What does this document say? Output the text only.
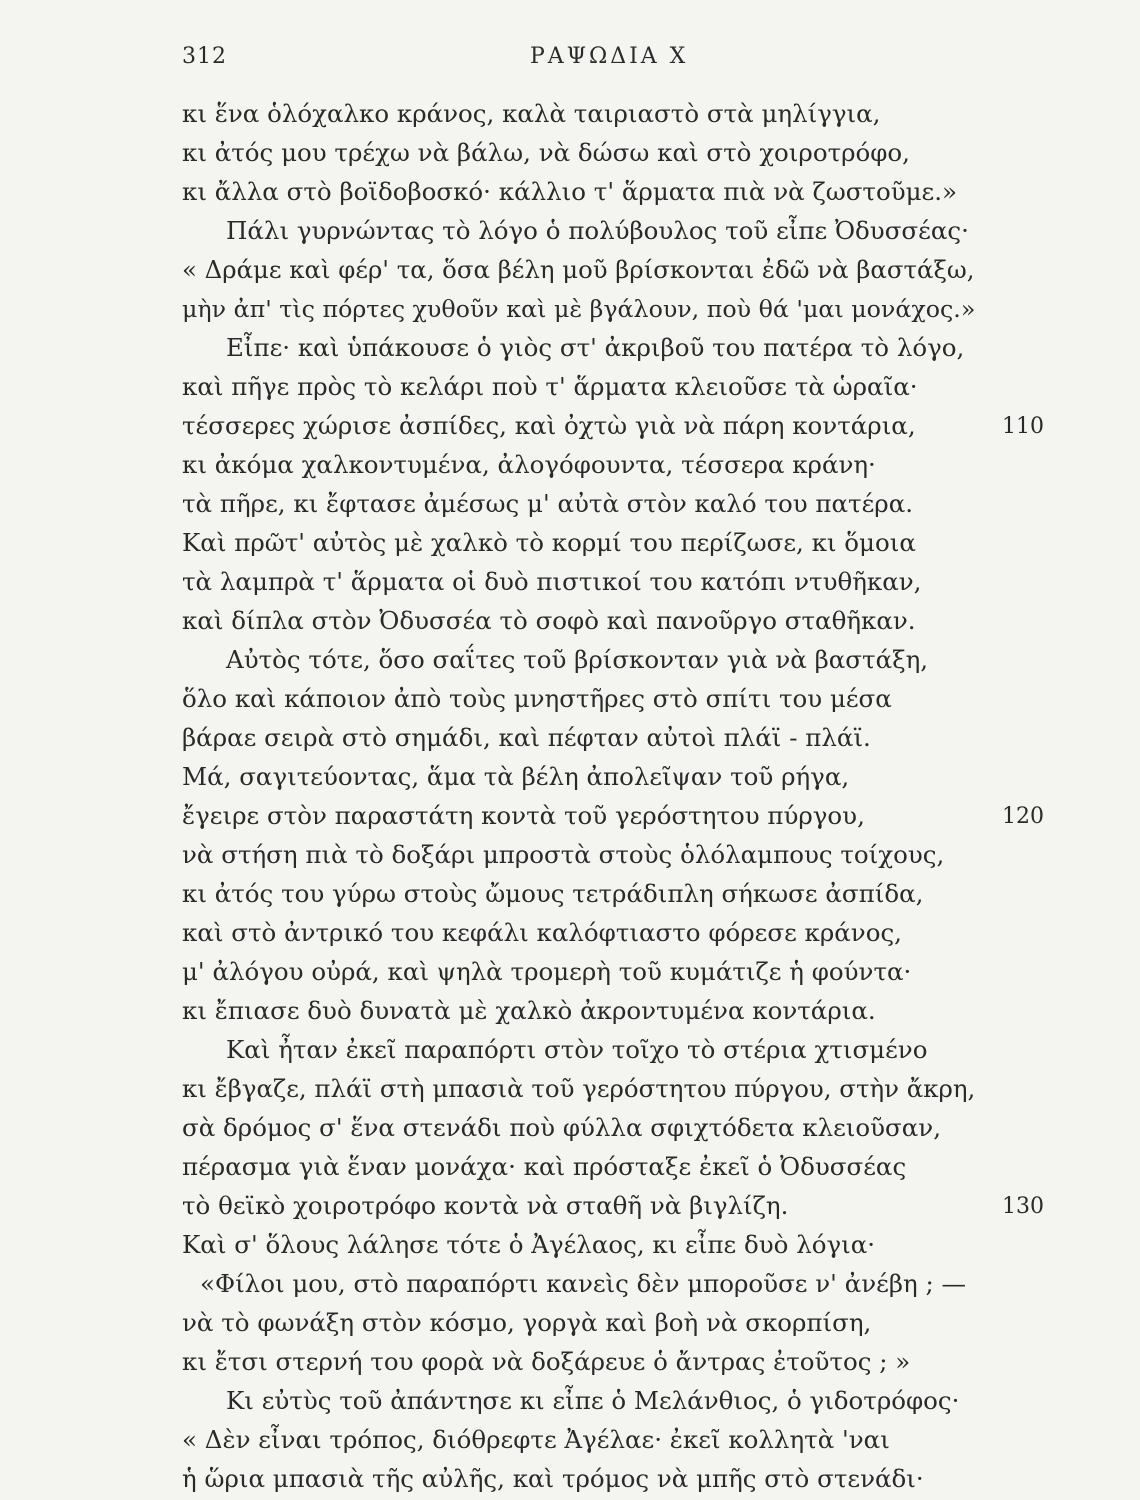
312	ΡΑΨΩΔΙΑ Χ
κι ἕνα ὁλόχαλκο κράνος, καλὰ ταιριαστὸ στὰ μηλίγγια,
κι ἀτός μου τρέχω νὰ βάλω, νὰ δώσω καὶ στὸ χοιροτρόφο,
κι ἄλλα στὸ βοϊδοβοσκό· κάλλιο τ' ἅρματα πιὰ νὰ ζωστοῦμε.»
Πάλι γυρνώντας τὸ λόγο ὁ πολύβουλος τοῦ εἶπε Ὀδυσσέας·
« Δράμε καὶ φέρ' τα, ὅσα βέλη μοῦ βρίσκονται ἐδῶ νὰ βαστάξω,
μὴν ἀπ' τὶς πόρτες χυθοῦν καὶ μὲ βγάλουν, ποὺ θά 'μαι μονάχος.»
Εἶπε· καὶ ὑπάκουσε ὁ γιὸς στ' ἀκριβοῦ του πατέρα τὸ λόγο,
καὶ πῆγε πρὸς τὸ κελάρι ποὺ τ' ἅρματα κλειοῦσε τὰ ὡραῖα·
τέσσερες χώρισε ἀσπίδες, καὶ ὀχτὼ γιὰ νὰ πάρη κοντάρια,
κι ἀκόμα χαλκοντυμένα, ἀλογόφουντα, τέσσερα κράνη·
τὰ πῆρε, κι ἔφτασε ἀμέσως μ' αὐτὰ στὸν καλό του πατέρα.
Καὶ πρῶτ' αὐτὸς μὲ χαλκὸ τὸ κορμί του περίζωσε, κι ὅμοια
τὰ λαμπρὰ τ' ἅρματα οἱ δυὸ πιστικοί του κατόπι ντυθῆκαν,
καὶ δίπλα στὸν Ὀδυσσέα τὸ σοφὸ καὶ πανοῦργο σταθῆκαν.
Αὐτὸς τότε, ὅσο σαΐτες τοῦ βρίσκονταν γιὰ νὰ βαστάξη,
ὅλο καὶ κάποιον ἀπὸ τοὺς μνηστῆρες στὸ σπίτι του μέσα
βάραε σειρὰ στὸ σημάδι, καὶ πέφταν αὐτοὶ πλάϊ - πλάϊ.
Μά, σαγιτεύοντας, ἅμα τὰ βέλη ἀπολεῖψαν τοῦ ρήγα,
ἔγειρε στὸν παραστάτη κοντὰ τοῦ γερόστητου πύργου,
νὰ στήση πιὰ τὸ δοξάρι μπροστὰ στοὺς ὁλόλαμπους τοίχους,
κι ἀτός του γύρω στοὺς ὤμους τετράδιπλη σήκωσε ἀσπίδα,
καὶ στὸ ἀντρικό του κεφάλι καλόφτιαστο φόρεσε κράνος,
μ' ἀλόγου οὐρά, καὶ ψηλὰ τρομερὴ τοῦ κυμάτιζε ἡ φούντα·
κι ἔπιασε δυὸ δυνατὰ μὲ χαλκὸ ἀκροντυμένα κοντάρια.
Καὶ ἦταν ἐκεῖ παραπόρτι στὸν τοῖχο τὸ στέρια χτισμένο
κι ἔβγαζε, πλάϊ στὴ μπασιὰ τοῦ γερόστητου πύργου, στὴν ἄκρη,
σὰ δρόμος σ' ἕνα στενάδι ποὺ φύλλα σφιχτόδετα κλειοῦσαν,
πέρασμα γιὰ ἕναν μονάχα· καὶ πρόσταξε ἐκεῖ ὁ Ὀδυσσέας
τὸ θεϊκὸ χοιροτρόφο κοντὰ νὰ σταθῆ νὰ βιγλίζη.
Καὶ σ' ὅλους λάλησε τότε ὁ Ἀγέλαος, κι εἶπε δυὸ λόγια·
«Φίλοι μου, στὸ παραπόρτι κανεὶς δὲν μποροῦσε ν' ἀνέβη ; —
νὰ τὸ φωνάξη στὸν κόσμο, γοργὰ καὶ βοὴ νὰ σκορπίση,
κι ἔτσι στερνή του φορὰ νὰ δοξάρευε ὁ ἄντρας ἐτοῦτος ; »
Κι εὐτὺς τοῦ ἀπάντησε κι εἶπε ὁ Μελάνθιος, ὁ γιδοτρόφος·
« Δὲν εἶναι τρόπος, διόθρεφτε Ἀγέλαε· ἐκεῖ κολλητὰ 'ναι
ἡ ὥρια μπασιὰ τῆς αὐλῆς, καὶ τρόμος νὰ μπῆς στὸ στενάδι·
110
120
130
